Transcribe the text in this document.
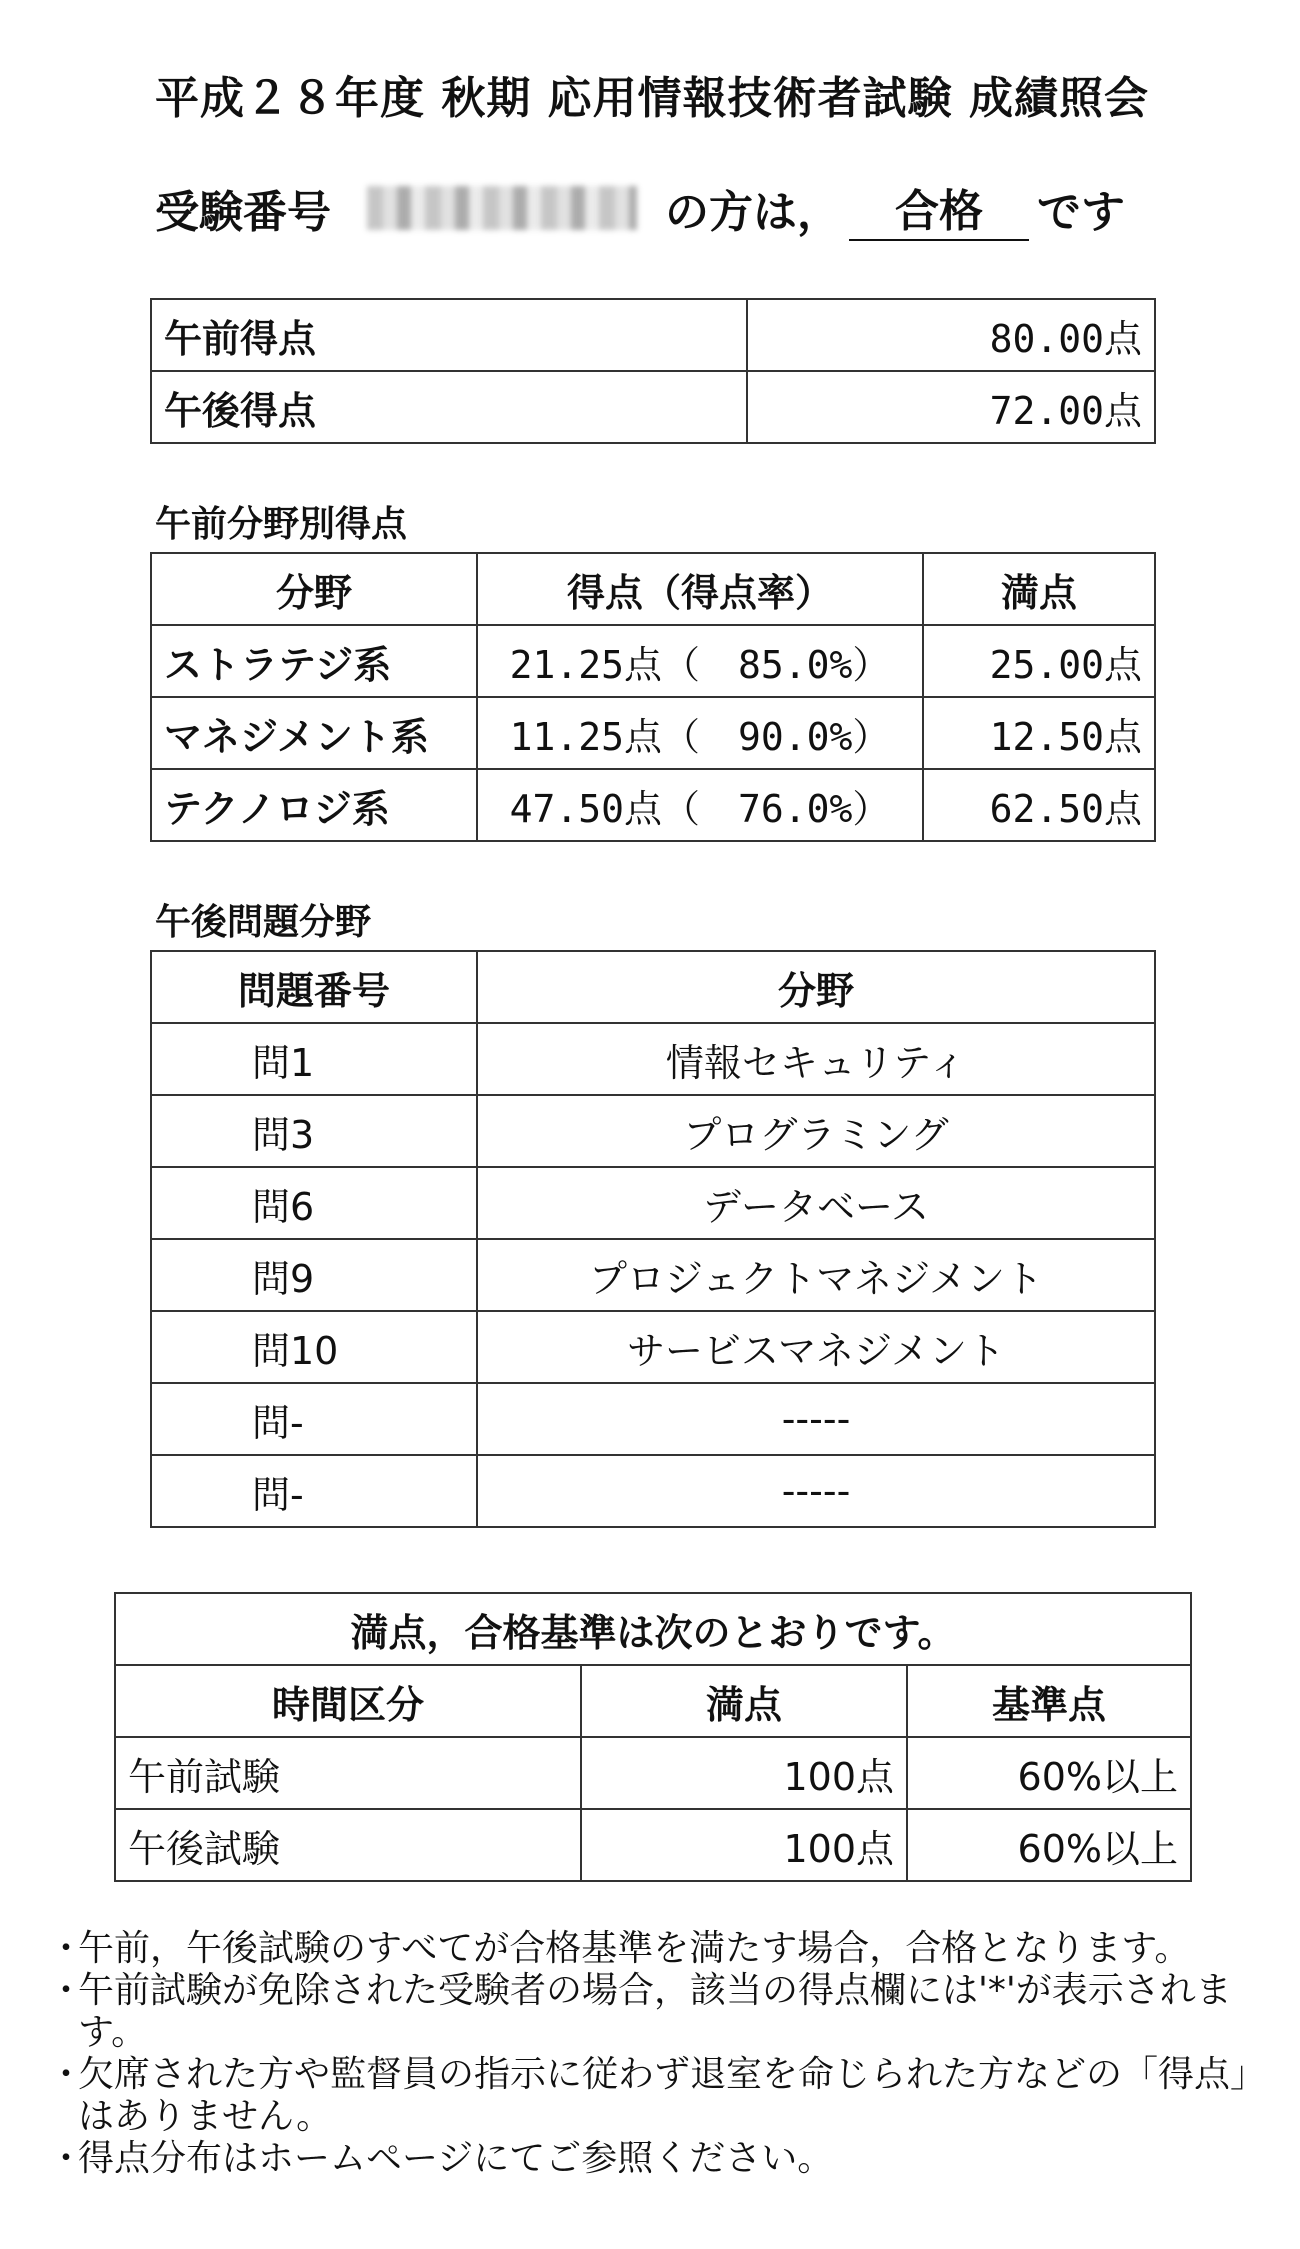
平成２８年度 秋期 応用情報技術者試験 成績照会
受験番号	の方は，	合格	です
午前得点	80.00点
午後得点	72.00点
午前分野別得点
分野	得点（得点率）	満点
ストラテジ系	21.25点（　85.0%）	25.00点
マネジメント系	11.25点（　90.0%）	12.50点
テクノロジ系	47.50点（　76.0%）	62.50点
午後問題分野
問題番号	分野
問1	情報セキュリティ
問3	プログラミング
問6	データベース
問9	プロジェクトマネジメント
問10	サービスマネジメント
問-	-----
問-	-----
満点，合格基準は次のとおりです。		
時間区分	満点	基準点
午前試験	100点	60%以上
午後試験	100点	60%以上
・ 午前，午後試験のすべてが合格基準を満たす場合，合格となります。
・ 午前試験が免除された受験者の場合，該当の得点欄には'*'が表示されます。
・ 欠席された方や監督員の指示に従わず退室を命じられた方などの「得点」はありません。
・ 得点分布はホームページにてご参照ください。
